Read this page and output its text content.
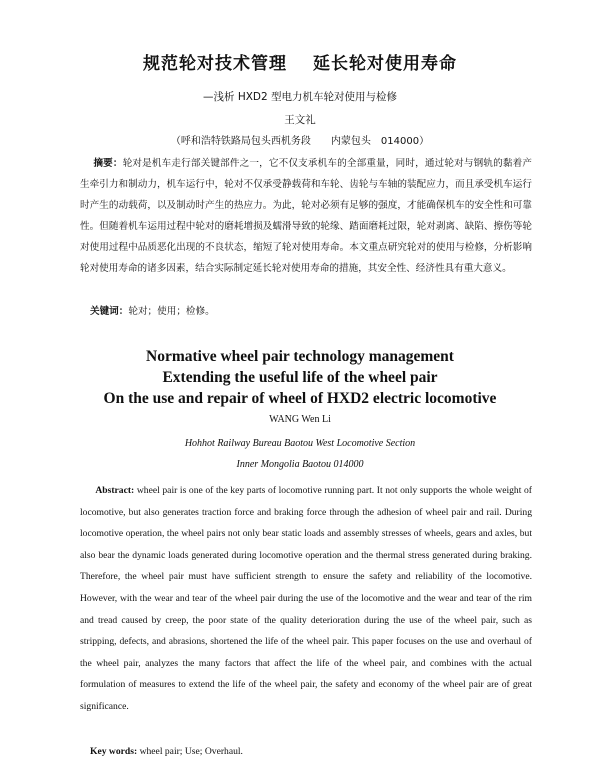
规范轮对技术管理 延长轮对使用寿命
—浅析 HXD2 型电力机车轮对使用与检修
王文礼
（呼和浩特铁路局包头西机务段　　内蒙包头　014000）
摘要：轮对是机车走行部关键部件之一，它不仅支承机车的全部重量，同时，通过轮对与钢轨的黏着产生牵引力和制动力，机车运行中，轮对不仅承受静载荷和车轮、齿轮与车轴的装配应力，而且承受机车运行时产生的动载荷，以及制动时产生的热应力。为此，轮对必须有足够的强度，才能确保机车的安全性和可靠性。但随着机车运用过程中轮对的磨耗增损及蠕滑导致的轮缘、踏面磨耗过限，轮对剥离、缺陷、擦伤等轮对使用过程中品质恶化出现的不良状态，缩短了轮对使用寿命。本文重点研究轮对的使用与检修，分析影响轮对使用寿命的诸多因素，结合实际制定延长轮对使用寿命的措施，其安全性、经济性具有重大意义。
关键词：轮对；使用；检修。
Normative wheel pair technology management
Extending the useful life of the wheel pair
On the use and repair of wheel of HXD2 electric locomotive
WANG Wen Li
Hohhot Railway Bureau Baotou West Locomotive Section
Inner Mongolia Baotou 014000
Abstract: wheel pair is one of the key parts of locomotive running part. It not only supports the whole weight of locomotive, but also generates traction force and braking force through the adhesion of wheel pair and rail. During locomotive operation, the wheel pairs not only bear static loads and assembly stresses of wheels, gears and axles, but also bear the dynamic loads generated during locomotive operation and the thermal stress generated during braking. Therefore, the wheel pair must have sufficient strength to ensure the safety and reliability of the locomotive. However, with the wear and tear of the wheel pair during the use of the locomotive and the wear and tear of the rim and tread caused by creep, the poor state of the quality deterioration during the use of the wheel pair, such as stripping, defects, and abrasions, shortened the life of the wheel pair. This paper focuses on the use and overhaul of the wheel pair, analyzes the many factors that affect the life of the wheel pair, and combines with the actual formulation of measures to extend the life of the wheel pair, the safety and economy of the wheel pair are of great significance.
Key words: wheel pair; Use; Overhaul.
